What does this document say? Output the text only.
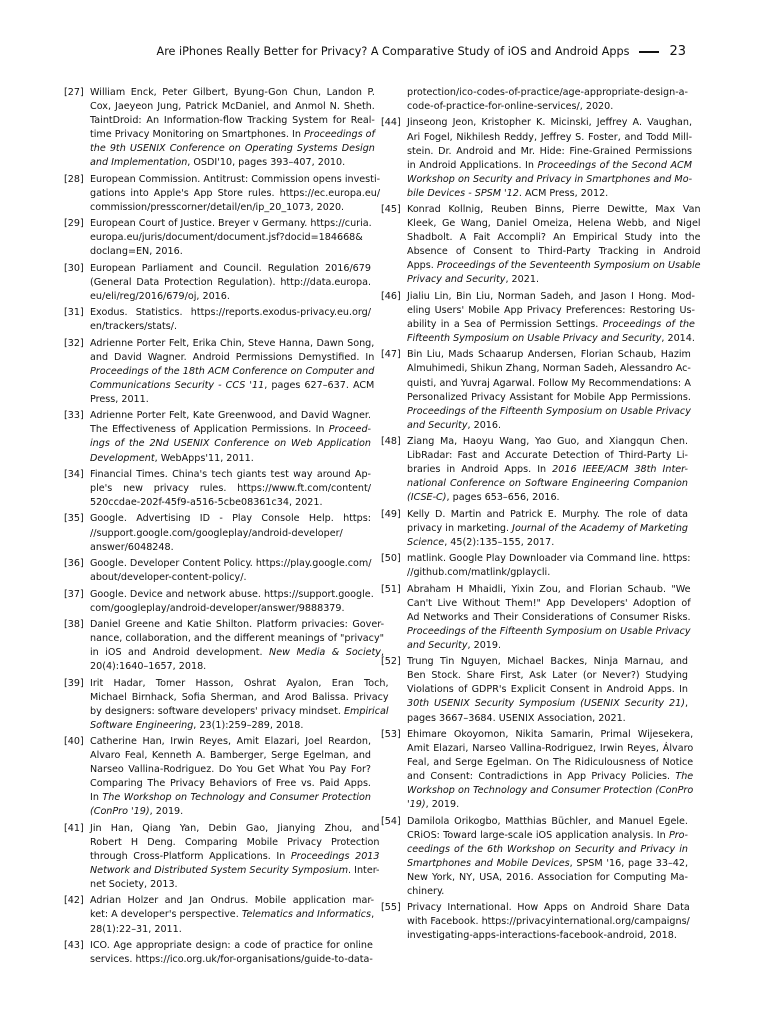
Are iPhones Really Better for Privacy? A Comparative Study of iOS and Android Apps	23
[27] William Enck, Peter Gilbert, Byung-Gon Chun, Landon P.
Cox, Jaeyeon Jung, Patrick McDaniel, and Anmol N. Sheth.
TaintDroid: An Information-flow Tracking System for Real-
time Privacy Monitoring on Smartphones. In Proceedings of
the 9th USENIX Conference on Operating Systems Design
and Implementation, OSDI'10, pages 393–407, 2010.
[28] European Commission. Antitrust: Commission opens investi-
gations into Apple's App Store rules. https://ec.europa.eu/
commission/presscorner/detail/en/ip_20_1073, 2020.
[29] European Court of Justice. Breyer v Germany. https://curia.
europa.eu/juris/document/document.jsf?docid=184668&
doclang=EN, 2016.
[30] European Parliament and Council. Regulation 2016/679
(General Data Protection Regulation). http://data.europa.
eu/eli/reg/2016/679/oj, 2016.
[31] Exodus. Statistics. https://reports.exodus-privacy.eu.org/
en/trackers/stats/.
[32] Adrienne Porter Felt, Erika Chin, Steve Hanna, Dawn Song,
and David Wagner. Android Permissions Demystified. In
Proceedings of the 18th ACM Conference on Computer and
Communications Security - CCS '11, pages 627–637. ACM
Press, 2011.
[33] Adrienne Porter Felt, Kate Greenwood, and David Wagner.
The Effectiveness of Application Permissions. In Proceed-
ings of the 2Nd USENIX Conference on Web Application
Development, WebApps'11, 2011.
[34] Financial Times. China's tech giants test way around Ap-
ple's new privacy rules. https://www.ft.com/content/
520ccdae-202f-45f9-a516-5cbe08361c34, 2021.
[35] Google. Advertising ID - Play Console Help. https:
//support.google.com/googleplay/android-developer/
answer/6048248.
[36] Google. Developer Content Policy. https://play.google.com/
about/developer-content-policy/.
[37] Google. Device and network abuse. https://support.google.
com/googleplay/android-developer/answer/9888379.
[38] Daniel Greene and Katie Shilton. Platform privacies: Gover-
nance, collaboration, and the different meanings of "privacy"
in iOS and Android development. New Media & Society,
20(4):1640–1657, 2018.
[39] Irit Hadar, Tomer Hasson, Oshrat Ayalon, Eran Toch,
Michael Birnhack, Sofia Sherman, and Arod Balissa. Privacy
by designers: software developers' privacy mindset. Empirical
Software Engineering, 23(1):259–289, 2018.
[40] Catherine Han, Irwin Reyes, Amit Elazari, Joel Reardon,
Alvaro Feal, Kenneth A. Bamberger, Serge Egelman, and
Narseo Vallina-Rodriguez. Do You Get What You Pay For?
Comparing The Privacy Behaviors of Free vs. Paid Apps.
In The Workshop on Technology and Consumer Protection
(ConPro '19), 2019.
[41] Jin Han, Qiang Yan, Debin Gao, Jianying Zhou, and
Robert H Deng. Comparing Mobile Privacy Protection
through Cross-Platform Applications. In Proceedings 2013
Network and Distributed System Security Symposium. Inter-
net Society, 2013.
[42] Adrian Holzer and Jan Ondrus. Mobile application mar-
ket: A developer's perspective. Telematics and Informatics,
28(1):22–31, 2011.
[43] ICO. Age appropriate design: a code of practice for online
services. https://ico.org.uk/for-organisations/guide-to-data-
protection/ico-codes-of-practice/age-appropriate-design-a-
code-of-practice-for-online-services/, 2020.
[44] Jinseong Jeon, Kristopher K. Micinski, Jeffrey A. Vaughan,
Ari Fogel, Nikhilesh Reddy, Jeffrey S. Foster, and Todd Mill-
stein. Dr. Android and Mr. Hide: Fine-Grained Permissions
in Android Applications. In Proceedings of the Second ACM
Workshop on Security and Privacy in Smartphones and Mo-
bile Devices - SPSM '12. ACM Press, 2012.
[45] Konrad Kollnig, Reuben Binns, Pierre Dewitte, Max Van
Kleek, Ge Wang, Daniel Omeiza, Helena Webb, and Nigel
Shadbolt. A Fait Accompli? An Empirical Study into the
Absence of Consent to Third-Party Tracking in Android
Apps. Proceedings of the Seventeenth Symposium on Usable
Privacy and Security, 2021.
[46] Jialiu Lin, Bin Liu, Norman Sadeh, and Jason I Hong. Mod-
eling Users' Mobile App Privacy Preferences: Restoring Us-
ability in a Sea of Permission Settings. Proceedings of the
Fifteenth Symposium on Usable Privacy and Security, 2014.
[47] Bin Liu, Mads Schaarup Andersen, Florian Schaub, Hazim
Almuhimedi, Shikun Zhang, Norman Sadeh, Alessandro Ac-
quisti, and Yuvraj Agarwal. Follow My Recommendations: A
Personalized Privacy Assistant for Mobile App Permissions.
Proceedings of the Fifteenth Symposium on Usable Privacy
and Security, 2016.
[48] Ziang Ma, Haoyu Wang, Yao Guo, and Xiangqun Chen.
LibRadar: Fast and Accurate Detection of Third-Party Li-
braries in Android Apps. In 2016 IEEE/ACM 38th Inter-
national Conference on Software Engineering Companion
(ICSE-C), pages 653–656, 2016.
[49] Kelly D. Martin and Patrick E. Murphy. The role of data
privacy in marketing. Journal of the Academy of Marketing
Science, 45(2):135–155, 2017.
[50] matlink. Google Play Downloader via Command line. https:
//github.com/matlink/gplaycli.
[51] Abraham H Mhaidli, Yixin Zou, and Florian Schaub. "We
Can't Live Without Them!" App Developers' Adoption of
Ad Networks and Their Considerations of Consumer Risks.
Proceedings of the Fifteenth Symposium on Usable Privacy
and Security, 2019.
[52] Trung Tin Nguyen, Michael Backes, Ninja Marnau, and
Ben Stock. Share First, Ask Later (or Never?) Studying
Violations of GDPR's Explicit Consent in Android Apps. In
30th USENIX Security Symposium (USENIX Security 21),
pages 3667–3684. USENIX Association, 2021.
[53] Ehimare Okoyomon, Nikita Samarin, Primal Wijesekera,
Amit Elazari, Narseo Vallina-Rodriguez, Irwin Reyes, Álvaro
Feal, and Serge Egelman. On The Ridiculousness of Notice
and Consent: Contradictions in App Privacy Policies. The
Workshop on Technology and Consumer Protection (ConPro
'19), 2019.
[54] Damilola Orikogbo, Matthias Büchler, and Manuel Egele.
CRiOS: Toward large-scale iOS application analysis. In Pro-
ceedings of the 6th Workshop on Security and Privacy in
Smartphones and Mobile Devices, SPSM '16, page 33–42,
New York, NY, USA, 2016. Association for Computing Ma-
chinery.
[55] Privacy International. How Apps on Android Share Data
with Facebook. https://privacyinternational.org/campaigns/
investigating-apps-interactions-facebook-android, 2018.
